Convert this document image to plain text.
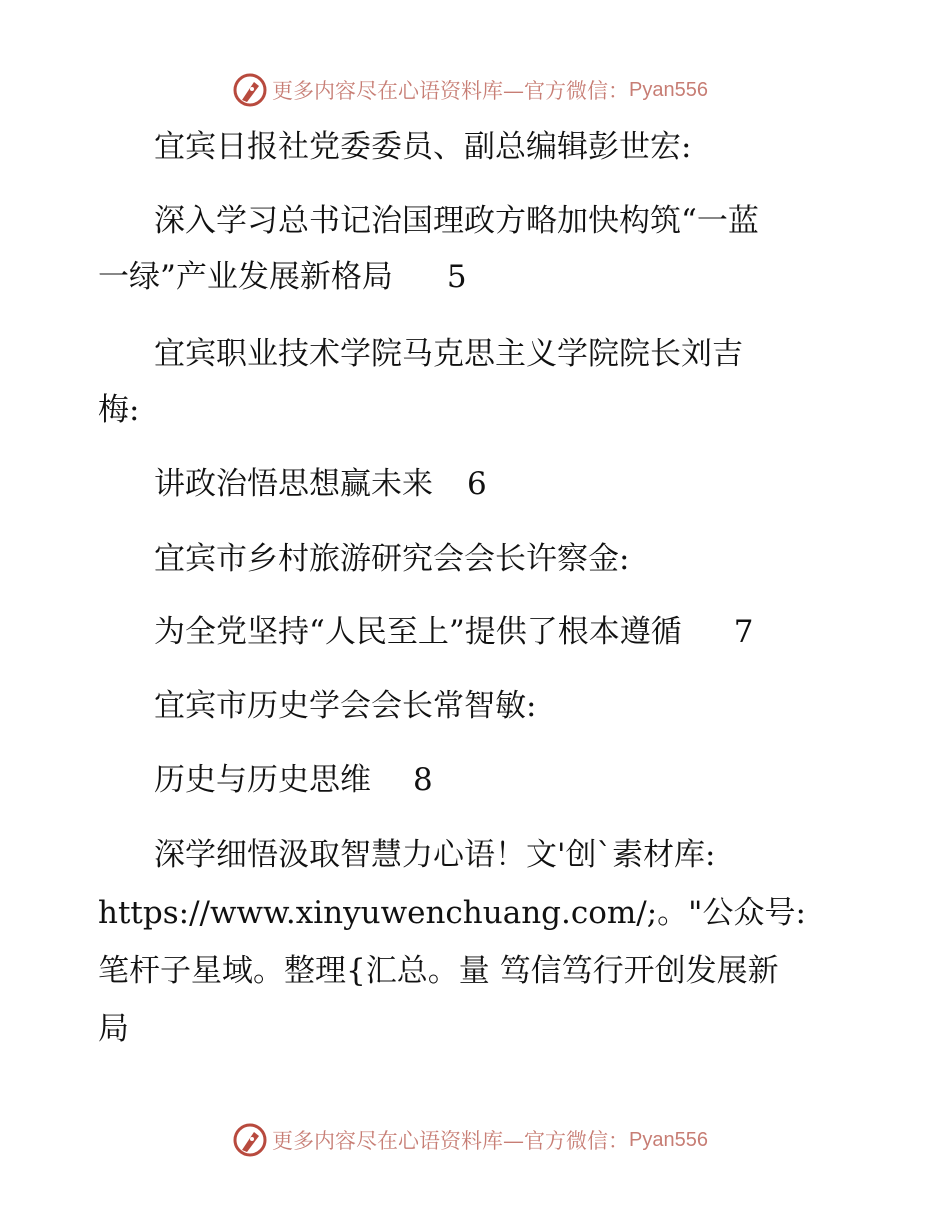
更多内容尽在心语资料库—官方微信： Pyan556
宜宾日报社党委委员、副总编辑彭世宏:
深入学习总书记治国理政方略加快构筑“一蓝
一绿”产业发展新格局 5
宜宾职业技术学院马克思主义学院院长刘吉
梅:
讲政治悟思想赢未来 6
宜宾市乡村旅游研究会会长许察金:
为全党坚持“人民至上”提供了根本遵循 7
宜宾市历史学会会长常智敏:
历史与历史思维 8
深学细悟汲取智慧力心语！文'创`素材库:
https://www.xinyuwenchuang.com/;。"公众号:
笔杆子星域。整理{汇总。量 笃信笃行开创发展新
局
更多内容尽在心语资料库—官方微信： Pyan556
